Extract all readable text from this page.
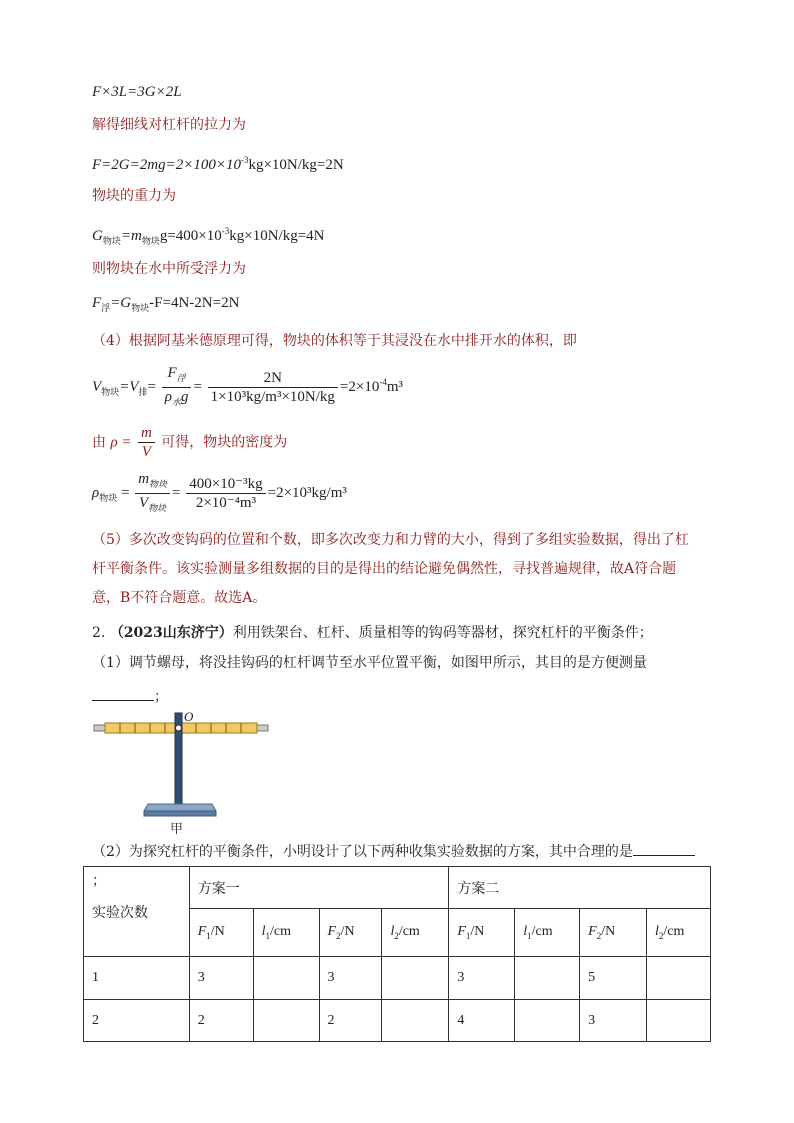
F×3L=3G×2L
解得细线对杠杆的拉力为
$F=2G=2mg=2\times 100\times 10^{-3}kg\times 10N/kg=2N$
物块的重力为
$G_{物块}=m_{物块}g=400\times 10^{-3}kg\times 10N/kg=4N$
则物块在水中所受浮力为
$F_浮=G_{物块}-F=4N-2N=2N$
（4）根据阿基米德原理可得，物块的体积等于其浸没在水中排开水的体积，即
$V_{物块}=V_排= \frac{F_浮}{\rho_水g} = \frac{2N}{\text{1×10³kg/m³×10N/kg}} =2\times 10^{-4}m^3$
由 $\rho = \frac{m}{V}$ 可得，物块的密度为
$\rho_{物块} = \frac{m_{物块}}{V_{物块}} = \frac{\text{400×10⁻³kg}}{\text{2×10⁻⁴m³}} =2\times 10^3kg/m^3$
（5）多次改变钩码的位置和个数，即多次改变力和力臂的大小，得到了多组实验数据，得出了杠杆平衡条件。该实验测量多组数据的目的是得出的结论避免偶然性，寻找普遍规律，故A符合题意，B不符合题意。故选A。
2. （2023山东济宁）利用铁架台、杠杆、质量相等的钩码等器材，探究杠杆的平衡条件；
（1）调节螺母，将没挂钩码的杠杆调节至水平位置平衡，如图甲所示，其目的是方便测量
；
O
甲
（2）为探究杠杆的平衡条件，小明设计了以下两种收集实验数据的方案，其中合理的是；
实验次数	方案一				方案二			
	$F_1/N$	$l_1/cm$	$F_2/N$	$l_2/cm$	$F_1/N$	$l_1/cm$	$F_2/N$	$l_2/cm$
1	3		3		3		5	
2	2		2		4		3	
